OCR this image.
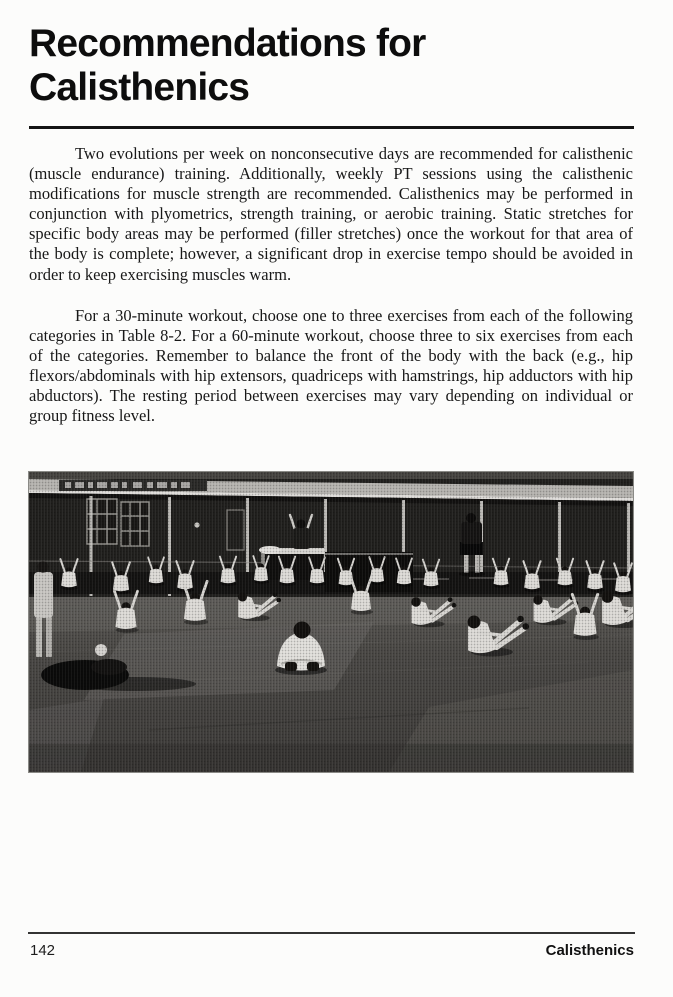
Recommendations for
Calisthenics
Two evolutions per week on nonconsecutive days are recommended for calisthenic (muscle endurance) training. Additionally, weekly PT sessions using the calisthenic modifications for muscle strength are recommended. Calisthenics may be performed in conjunction with plyometrics, strength training, or aerobic training. Static stretches for specific body areas may be performed (filler stretches) once the workout for that area of the body is complete; however, a significant drop in exercise tempo should be avoided in order to keep exercising muscles warm.
For a 30-minute workout, choose one to three exercises from each of the following categories in Table 8-2. For a 60-minute workout, choose three to six exercises from each of the categories. Remember to balance the front of the body with the back (e.g., hip flexors/abdominals with hip extensors, quadriceps with hamstrings, hip adductors with hip abductors). The resting period between exercises may vary depending on individual or group fitness level.
142	Calisthenics
